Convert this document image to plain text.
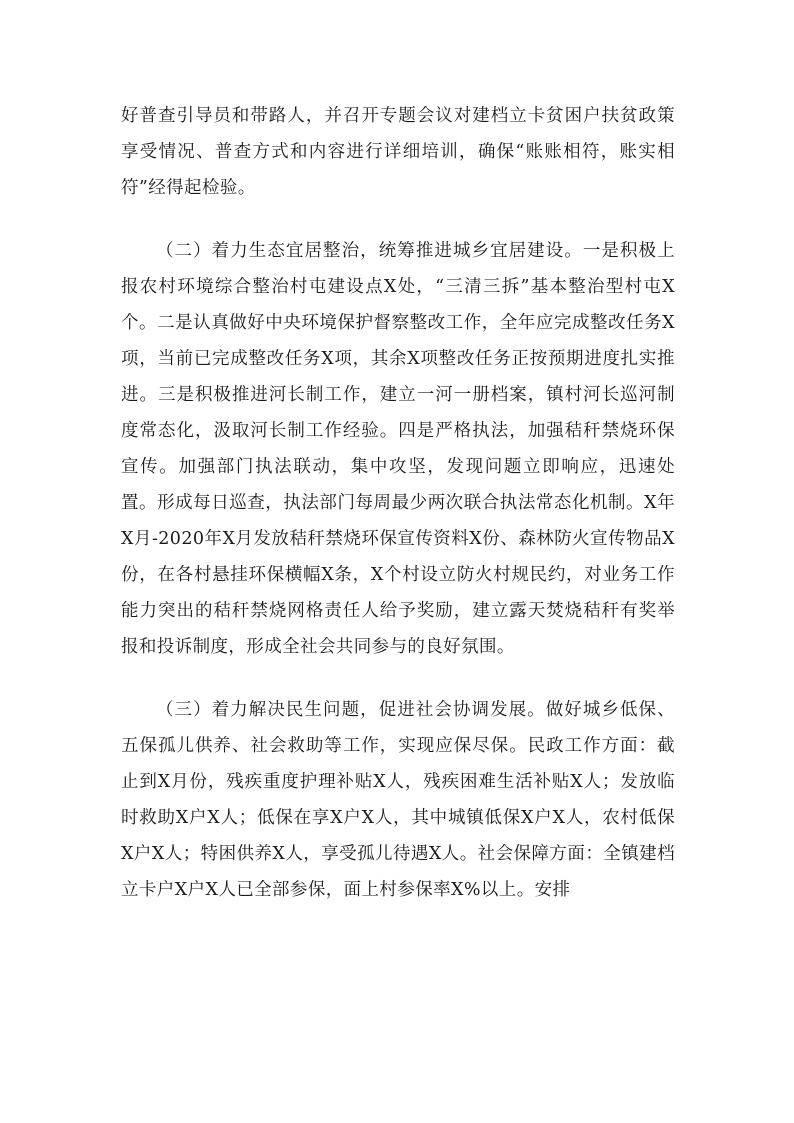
好普查引导员和带路人，并召开专题会议对建档立卡贫困户扶贫政策享受情况、普查方式和内容进行详细培训，确保“账账相符，账实相符”经得起检验。

（二）着力生态宜居整治，统筹推进城乡宜居建设。一是积极上报农村环境综合整治村屯建设点X处，“三清三拆”基本整治型村屯X个。二是认真做好中央环境保护督察整改工作，全年应完成整改任务X项，当前已完成整改任务X项，其余X项整改任务正按预期进度扎实推进。三是积极推进河长制工作，建立一河一册档案，镇村河长巡河制度常态化，汲取河长制工作经验。四是严格执法，加强秸秆禁烧环保宣传。加强部门执法联动，集中攻坚，发现问题立即响应，迅速处置。形成每日巡查，执法部门每周最少两次联合执法常态化机制。X年X月-2020年X月发放秸秆禁烧环保宣传资料X份、森林防火宣传物品X份，在各村悬挂环保横幅X条，X个村设立防火村规民约，对业务工作能力突出的秸秆禁烧网格责任人给予奖励，建立露天焚烧秸秆有奖举报和投诉制度，形成全社会共同参与的良好氛围。

（三）着力解决民生问题，促进社会协调发展。做好城乡低保、五保孤儿供养、社会救助等工作，实现应保尽保。民政工作方面：截止到X月份，残疾重度护理补贴X人，残疾困难生活补贴X人；发放临时救助X户X人；低保在享X户X人，其中城镇低保X户X人，农村低保X户X人；特困供养X人，享受孤儿待遇X人。社会保障方面：全镇建档立卡户X户X人已全部参保，面上村参保率X%以上。安排
